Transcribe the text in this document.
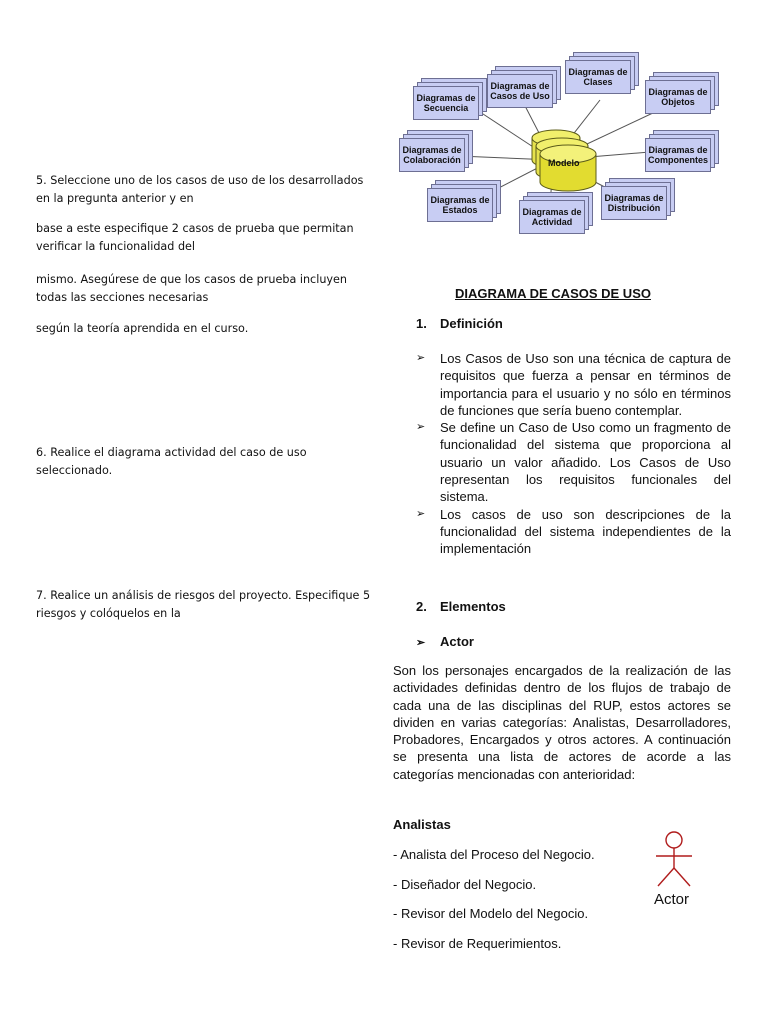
5. Seleccione uno de los casos de uso de los desarrollados en la pregunta anterior y en

base a este especifique 2 casos de prueba que permitan verificar la funcionalidad del

mismo. Asegúrese de que los casos de prueba incluyen todas las secciones necesarias

según la teoría aprendida en el curso.

6. Realice el diagrama actividad del caso de uso seleccionado.

7. Realice un análisis de riesgos del proyecto. Especifique 5 riesgos y colóquelos en la

Modelo
Diagramas de Clases
Diagramas de Casos de Uso	Diagramas de Objetos
Diagramas de Secuencia
Diagramas de Colaboración
Diagramas de Componentes
Diagramas de Estados	Diagramas de Actividad
Diagramas de Distribución
DIAGRAMA DE CASOS DE USO
1. Definición
➢ Los Casos de Uso son una técnica de captura de requisitos que fuerza a pensar en términos de importancia para el usuario y no sólo en términos de funciones que sería bueno contemplar.
➢ Se define un Caso de Uso como un fragmento de funcionalidad del sistema que proporciona al usuario un valor añadido. Los Casos de Uso representan los requisitos funcionales del sistema.
➢ Los casos de uso son descripciones de la funcionalidad del sistema independientes de la implementación
2. Elementos
➢ Actor
Son los personajes encargados de la realización de las actividades definidas dentro de los flujos de trabajo de cada una de las disciplinas del RUP, estos actores se dividen en varias categorías: Analistas, Desarrolladores, Probadores, Encargados y otros actores. A continuación se presenta una lista de actores de acorde a las categorías mencionadas con anterioridad:
Analistas
- Analista del Proceso del Negocio.
- Diseñador del Negocio.
- Revisor del Modelo del Negocio.
- Revisor de Requerimientos.
Actor
